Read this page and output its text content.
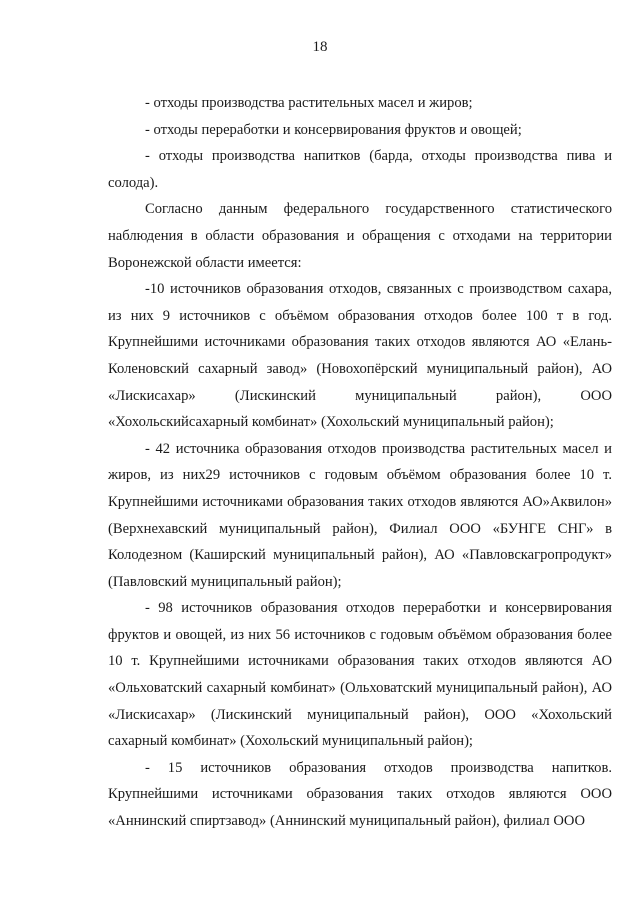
18

- отходы производства растительных масел и жиров;

- отходы переработки и консервирования фруктов и овощей;

- отходы производства напитков (барда, отходы производства пива и солода).

Согласно данным федерального государственного статистического наблюдения в области образования и обращения с отходами на территории Воронежской области имеется:

-10 источников образования отходов, связанных с производством сахара, из них 9 источников с объёмом образования отходов более 100 т в год. Крупнейшими источниками образования таких отходов являются АО «Елань-Коленовский сахарный завод» (Новохопёрский муниципальный район), АО «Лискисахар» (Лискинский муниципальный район), ООО «Хохольскийсахарный комбинат» (Хохольский муниципальный район);

- 42 источника образования отходов производства растительных масел и жиров, из них29 источников с годовым объёмом образования более 10 т. Крупнейшими источниками образования таких отходов являются АО»Аквилон» (Верхнехавский муниципальный район), Филиал ООО «БУНГЕ СНГ» в Колодезном (Каширский муниципальный район), АО «Павловскагропродукт» (Павловский муниципальный район);

- 98 источников образования отходов переработки и консервирования фруктов и овощей, из них 56 источников с годовым объёмом образования более 10 т. Крупнейшими источниками образования таких отходов являются АО «Ольховатский сахарный комбинат» (Ольховатский муниципальный район), АО «Лискисахар» (Лискинский муниципальный район), ООО «Хохольский сахарный комбинат» (Хохольский муниципальный район);

- 15 источников образования отходов производства напитков. Крупнейшими источниками образования таких отходов являются ООО «Аннинский спиртзавод» (Аннинский муниципальный район), филиал ООО
